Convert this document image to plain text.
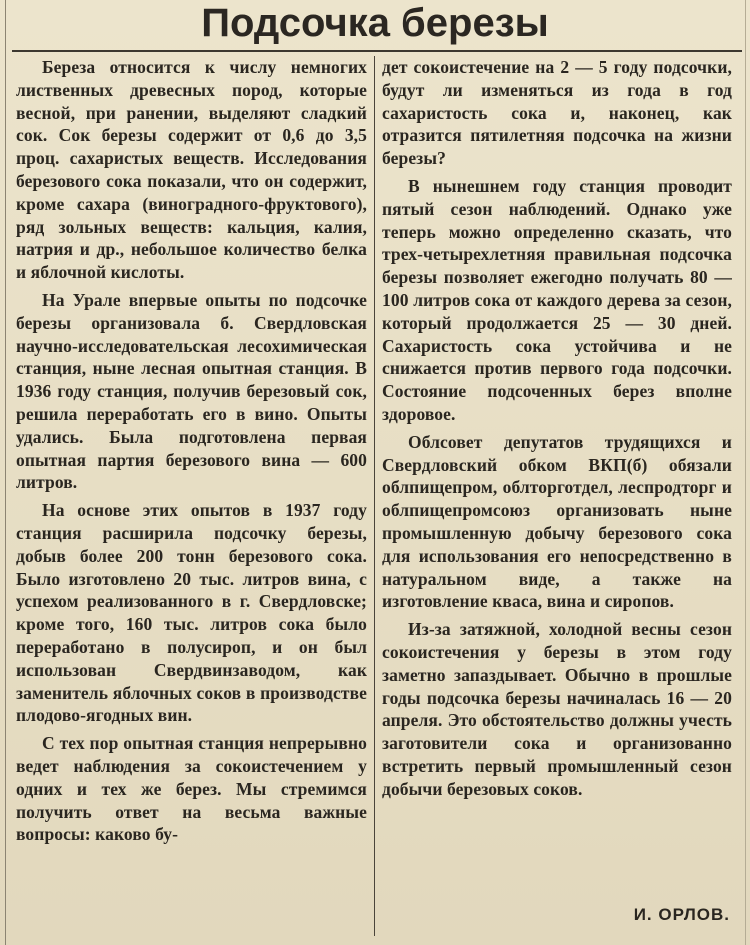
Подсочка березы

Береза относится к числу немногих лиственных древесных пород, которые весной, при ранении, выделяют сладкий сок. Сок березы содержит от 0,6 до 3,5 проц. сахаристых веществ. Исследования березового сока показали, что он содержит, кроме сахара (виноградного-фруктового), ряд зольных веществ: кальция, калия, натрия и др., небольшое количество белка и яблочной кислоты.

На Урале впервые опыты по подсочке березы организовала б. Свердловская научно-исследовательская лесохимическая станция, ныне лесная опытная станция. В 1936 году станция, получив березовый сок, решила переработать его в вино. Опыты удались. Была подготовлена первая опытная партия березового вина — 600 литров.

На основе этих опытов в 1937 году станция расширила подсочку березы, добыв более 200 тонн березового сока. Было изготовлено 20 тыс. литров вина, с успехом реализованного в г. Свердловске; кроме того, 160 тыс. литров сока было переработано в полусироп, и он был использован Свердвинзаводом, как заменитель яблочных соков в производстве плодово-ягодных вин.

С тех пор опытная станция непрерывно ведет наблюдения за сокоистечением у одних и тех же берез. Мы стремимся получить ответ на весьма важные вопросы: каково бу-

дет сокоистечение на 2 — 5 году подсочки, будут ли изменяться из года в год сахаристость сока и, наконец, как отразится пятилетняя подсочка на жизни березы?

В нынешнем году станция проводит пятый сезон наблюдений. Однако уже теперь можно определенно сказать, что трех-четырехлетняя правильная подсочка березы позволяет ежегодно получать 80 — 100 литров сока от каждого дерева за сезон, который продолжается 25 — 30 дней. Сахаристость сока устойчива и не снижается против первого года подсочки. Состояние подсоченных берез вполне здоровое.

Облсовет депутатов трудящихся и Свердловский обком ВКП(б) обязали облпищепром, облторготдел, леспродторг и облпищепромсоюз организовать ныне промышленную добычу березового сока для использования его непосредственно в натуральном виде, а также на изготовление кваса, вина и сиропов.

Из-за затяжной, холодной весны сезон сокоистечения у березы в этом году заметно запаздывает. Обычно в прошлые годы подсочка березы начиналась 16 — 20 апреля. Это обстоятельство должны учесть заготовители сока и организованно встретить первый промышленный сезон добычи березовых соков.

И. ОРЛОВ.
